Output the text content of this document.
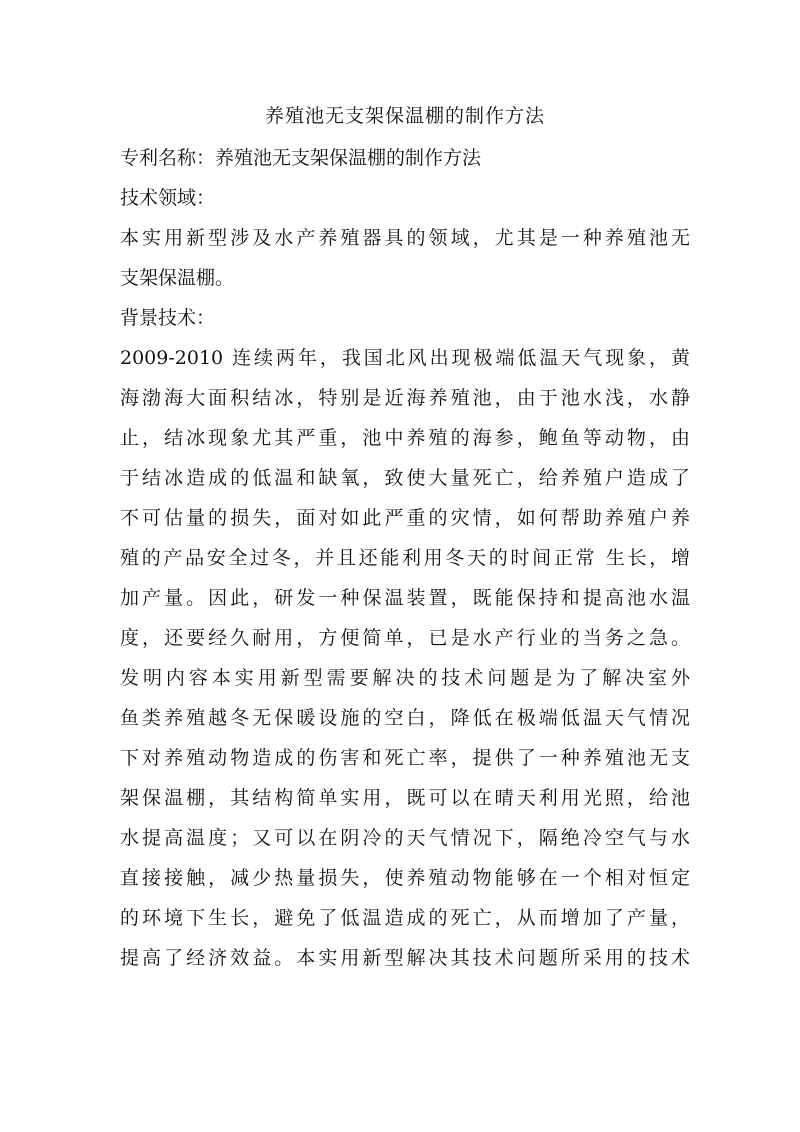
养殖池无支架保温棚的制作方法
专利名称：养殖池无支架保温棚的制作方法
技术领域：
本实用新型涉及水产养殖器具的领域，尤其是一种养殖池无
支架保温棚。
背景技术：
2009-2010 连续两年，我国北风出现极端低温天气现象，黄
海渤海大面积结冰，特别是近海养殖池，由于池水浅，水静
止，结冰现象尤其严重，池中养殖的海参，鲍鱼等动物，由
于结冰造成的低温和缺氧，致使大量死亡，给养殖户造成了
不可估量的损失，面对如此严重的灾情，如何帮助养殖户养
殖的产品安全过冬，并且还能利用冬天的时间正常 生长，增
加产量。因此，研发一种保温装置，既能保持和提高池水温
度，还要经久耐用，方便简单，已是水产行业的当务之急。
发明内容本实用新型需要解决的技术问题是为了解决室外
鱼类养殖越冬无保暖设施的空白，降低在极端低温天气情况
下对养殖动物造成的伤害和死亡率，提供了一种养殖池无支
架保温棚，其结构简单实用，既可以在晴天利用光照，给池
水提高温度；又可以在阴冷的天气情况下，隔绝冷空气与水
直接接触，减少热量损失，使养殖动物能够在一个相对恒定
的环境下生长，避免了低温造成的死亡，从而增加了产量，
提高了经济效益。本实用新型解决其技术问题所采用的技术
